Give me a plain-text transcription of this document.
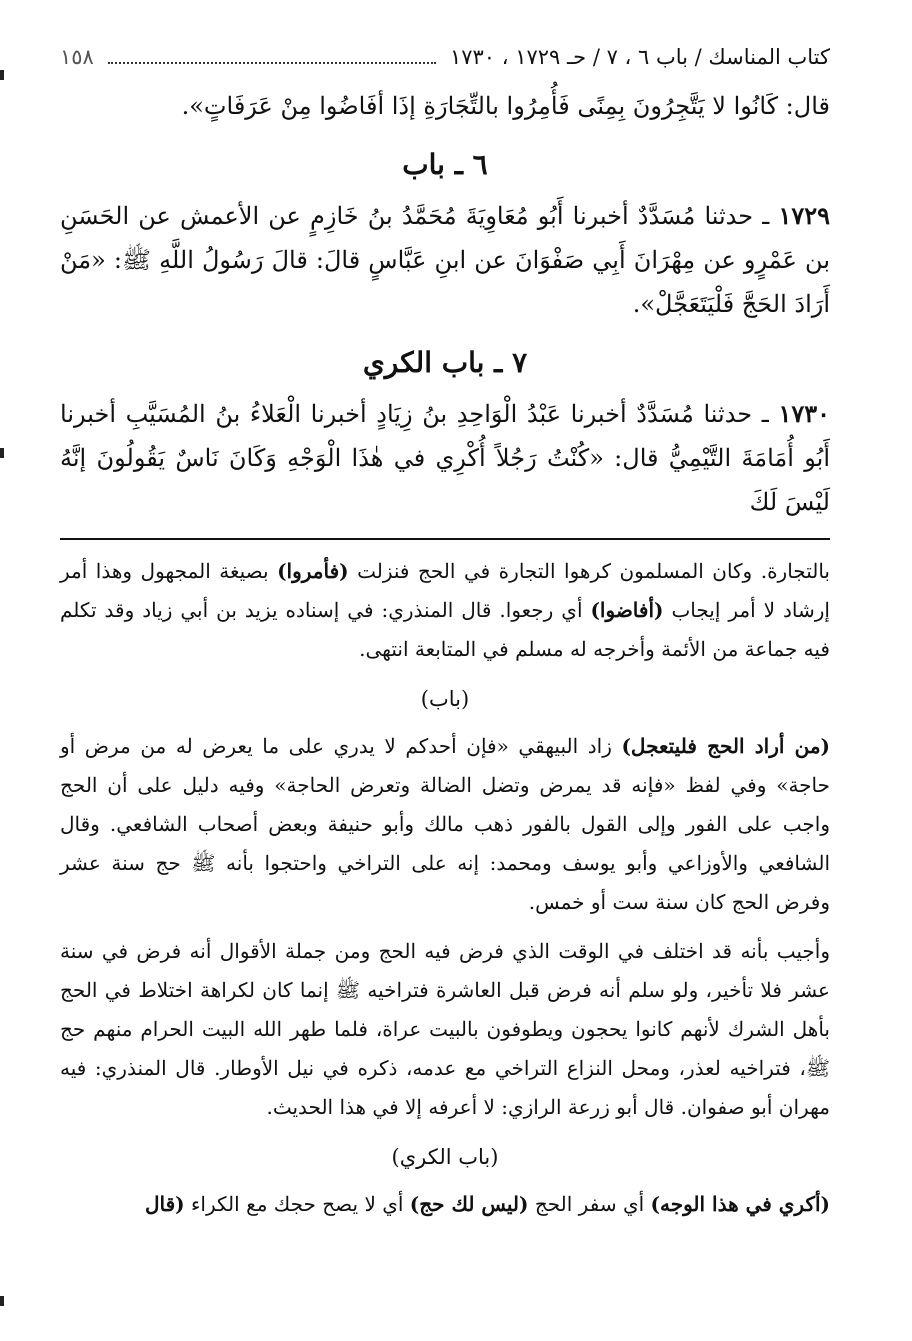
كتاب المناسك / باب ٦ ، ٧ / حـ ١٧٢٩ ، ١٧٣٠
١٥٨

قال: كَانُوا لا يَتَّجِرُونَ بِمِنًى فَأُمِرُوا بالتِّجَارَةِ إذَا أفَاضُوا مِنْ عَرَفَاتٍ».

٦ ـ باب

١٧٢٩ ـ حدثنا مُسَدَّدٌ أخبرنا أَبُو مُعَاوِيَةَ مُحَمَّدُ بنُ خَازِمٍ عن الأعمش عن الحَسَنِ بن عَمْرٍو عن مِهْرَانَ أَبِي صَفْوَانَ عن ابنِ عَبَّاسٍ قالَ: قالَ رَسُولُ اللَّهِ ﷺ: «مَنْ أَرَادَ الحَجَّ فَلْيَتَعَجَّلْ».

٧ ـ باب الكري

١٧٣٠ ـ حدثنا مُسَدَّدٌ أخبرنا عَبْدُ الْوَاحِدِ بنُ زِيَادٍ أخبرنا الْعَلاءُ بنُ المُسَيَّبِ أخبرنا أَبُو أُمَامَةَ التَّيْمِيُّ قال: «كُنْتُ رَجُلاً أُكْرِي في هٰذَا الْوَجْهِ وَكَانَ نَاسٌ يَقُولُونَ إنَّهُ لَيْسَ لَكَ

بالتجارة. وكان المسلمون كرهوا التجارة في الحج فنزلت (فأمروا) بصيغة المجهول وهذا أمر إرشاد لا أمر إيجاب (أفاضوا) أي رجعوا. قال المنذري: في إسناده يزيد بن أبي زياد وقد تكلم فيه جماعة من الأئمة وأخرجه له مسلم في المتابعة انتهى.

(باب)

(من أراد الحج فليتعجل) زاد البيهقي «فإن أحدكم لا يدري على ما يعرض له من مرض أو حاجة» وفي لفظ «فإنه قد يمرض وتضل الضالة وتعرض الحاجة» وفيه دليل على أن الحج واجب على الفور وإلى القول بالفور ذهب مالك وأبو حنيفة وبعض أصحاب الشافعي. وقال الشافعي والأوزاعي وأبو يوسف ومحمد: إنه على التراخي واحتجوا بأنه ﷺ حج سنة عشر وفرض الحج كان سنة ست أو خمس.

وأجيب بأنه قد اختلف في الوقت الذي فرض فيه الحج ومن جملة الأقوال أنه فرض في سنة عشر فلا تأخير، ولو سلم أنه فرض قبل العاشرة فتراخيه ﷺ إنما كان لكراهة اختلاط في الحج بأهل الشرك لأنهم كانوا يحجون ويطوفون بالبيت عراة، فلما طهر الله البيت الحرام منهم حج ﷺ، فتراخيه لعذر، ومحل النزاع التراخي مع عدمه، ذكره في نيل الأوطار. قال المنذري: فيه مهران أبو صفوان. قال أبو زرعة الرازي: لا أعرفه إلا في هذا الحديث.

(باب الكري)

(أكري في هذا الوجه) أي سفر الحج (ليس لك حج) أي لا يصح حجك مع الكراء (قال
